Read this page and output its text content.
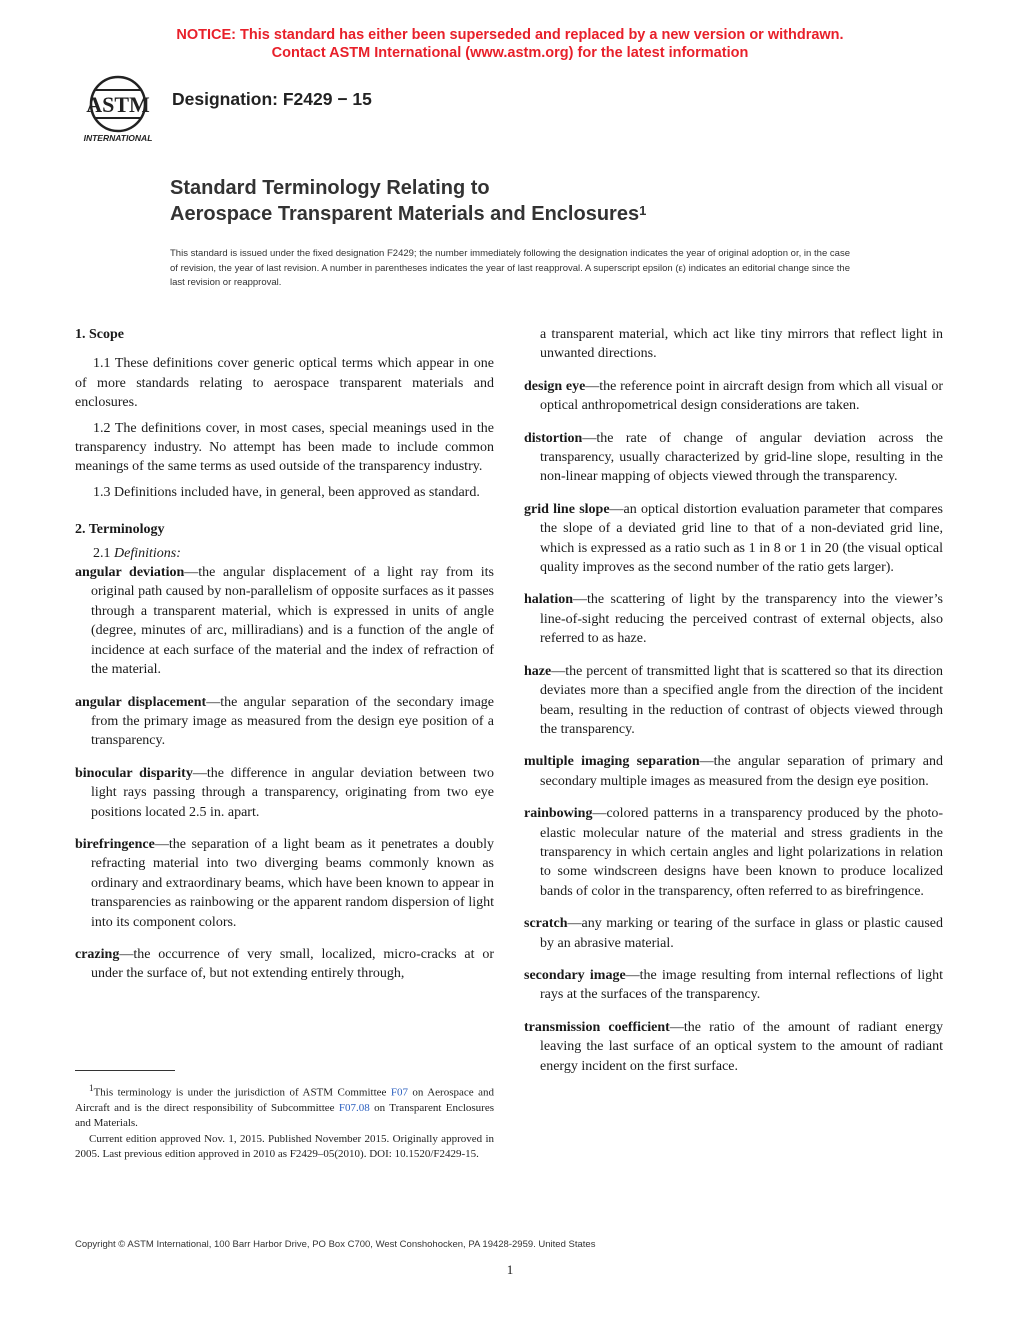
NOTICE: This standard has either been superseded and replaced by a new version or withdrawn.
Contact ASTM International (www.astm.org) for the latest information
ASTM
INTERNATIONAL
Designation: F2429 − 15
Standard Terminology Relating to
Aerospace Transparent Materials and Enclosures$^1$
This standard is issued under the fixed designation F2429; the number immediately following the designation indicates the year of original adoption or, in the case of revision, the year of last revision. A number in parentheses indicates the year of last reapproval. A superscript epsilon (ε) indicates an editorial change since the last revision or reapproval.

1. Scope

1.1 These definitions cover generic optical terms which appear in one of more standards relating to aerospace transparent materials and enclosures.

1.2 The definitions cover, in most cases, special meanings used in the transparency industry. No attempt has been made to include common meanings of the same terms as used outside of the transparency industry.

1.3 Definitions included have, in general, been approved as standard.

2. Terminology

2.1 Definitions:

angular deviation—the angular displacement of a light ray from its original path caused by non-parallelism of opposite surfaces as it passes through a transparent material, which is expressed in units of angle (degree, minutes of arc, milliradians) and is a function of the angle of incidence at each surface of the material and the index of refraction of the material.

angular displacement—the angular separation of the secondary image from the primary image as measured from the design eye position of a transparency.

binocular disparity—the difference in angular deviation between two light rays passing through a transparency, originating from two eye positions located 2.5 in. apart.

birefringence—the separation of a light beam as it penetrates a doubly refracting material into two diverging beams commonly known as ordinary and extraordinary beams, which have been known to appear in transparencies as rainbowing or the apparent random dispersion of light into its component colors.

crazing—the occurrence of very small, localized, micro-cracks at or under the surface of, but not extending entirely through,

a transparent material, which act like tiny mirrors that reflect light in unwanted directions.

design eye—the reference point in aircraft design from which all visual or optical anthropometrical design considerations are taken.

distortion—the rate of change of angular deviation across the transparency, usually characterized by grid-line slope, resulting in the non-linear mapping of objects viewed through the transparency.

grid line slope—an optical distortion evaluation parameter that compares the slope of a deviated grid line to that of a non-deviated grid line, which is expressed as a ratio such as 1 in 8 or 1 in 20 (the visual optical quality improves as the second number of the ratio gets larger).

halation—the scattering of light by the transparency into the viewer’s line-of-sight reducing the perceived contrast of external objects, also referred to as haze.

haze—the percent of transmitted light that is scattered so that its direction deviates more than a specified angle from the direction of the incident beam, resulting in the reduction of contrast of objects viewed through the transparency.

multiple imaging separation—the angular separation of primary and secondary multiple images as measured from the design eye position.

rainbowing—colored patterns in a transparency produced by the photo-elastic molecular nature of the material and stress gradients in the transparency in which certain angles and light polarizations in relation to some windscreen designs have been known to produce localized bands of color in the transparency, often referred to as birefringence.

scratch—any marking or tearing of the surface in glass or plastic caused by an abrasive material.

secondary image—the image resulting from internal reflections of light rays at the surfaces of the transparency.

transmission coefficient—the ratio of the amount of radiant energy leaving the last surface of an optical system to the amount of radiant energy incident on the first surface.

$^1$This terminology is under the jurisdiction of ASTM Committee F07 on Aerospace and Aircraft and is the direct responsibility of Subcommittee F07.08 on Transparent Enclosures and Materials.

Current edition approved Nov. 1, 2015. Published November 2015. Originally approved in 2005. Last previous edition approved in 2010 as F2429–05(2010). DOI: 10.1520/F2429-15.

Copyright © ASTM International, 100 Barr Harbor Drive, PO Box C700, West Conshohocken, PA 19428-2959. United States
1
